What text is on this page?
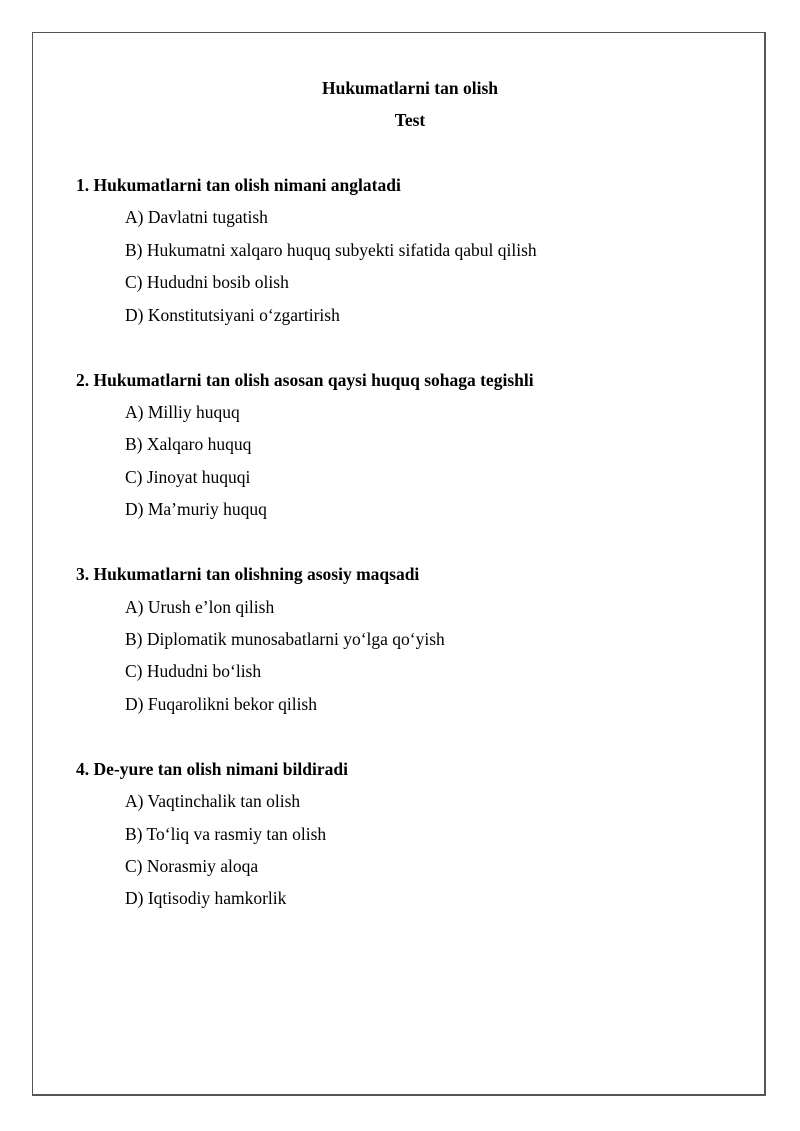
Hukumatlarni tan olish
Test
1. Hukumatlarni tan olish nimani anglatadi
A) Davlatni tugatish
B) Hukumatni xalqaro huquq subyekti sifatida qabul qilish
C) Hududni bosib olish
D) Konstitutsiyani o‘zgartirish
2. Hukumatlarni tan olish asosan qaysi huquq sohaga tegishli
A) Milliy huquq
B) Xalqaro huquq
C) Jinoyat huquqi
D) Ma’muriy huquq
3. Hukumatlarni tan olishning asosiy maqsadi
A) Urush e’lon qilish
B) Diplomatik munosabatlarni yo‘lga qo‘yish
C) Hududni bo‘lish
D) Fuqarolikni bekor qilish
4. De-yure tan olish nimani bildiradi
A) Vaqtinchalik tan olish
B) To‘liq va rasmiy tan olish
C) Norasmiy aloqa
D) Iqtisodiy hamkorlik
